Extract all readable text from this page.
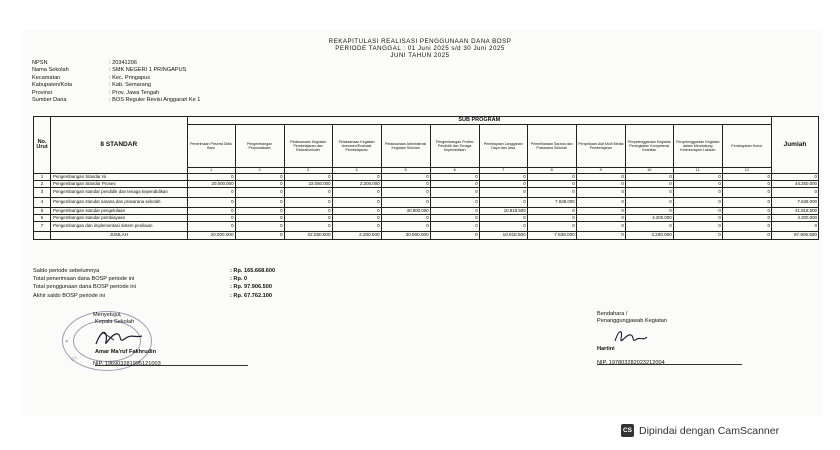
REKAPITULASI REALISASI PENGGUNAAN DANA BOSP
PERIODE TANGGAL : 01 Juni 2025 s/d 30 Juni 2025
JUNI TAHUN 2025
NPSN	: 20341206
Nama Sekolah	: SMK NEGERI 1 PRINGAPUS
Kecamatan	: Kec. Pringapus
Kabupaten/Kota	: Kab. Semarang
Provinsi	: Prov. Jawa Tengah
Sumber Dana	: BOS Reguler Revisi Anggaran Ke 1
No. Urut	8 STANDAR	SUB PROGRAM												Jumlah
		Penerimaan Peserta Didik Baru	Pengembangan Perpustakaan	Pelaksanaan Kegiatan Pembelajaran dan Ekstrakurikuler	Pelaksanaan Kegiatan Asesmen/Evaluasi Pembelajaran	Pelaksanaan Administrasi Kegiatan Sekolah	Pengembangan Profesi Pendidik dan Tenaga Kependidikan	Pembiayaan Langganan Daya dan Jasa	Pemeliharaan Sarana dan Prasarana Sekolah	Penyediaan Alat Multi Media Pembelajaran	Penyelenggaraan Kegiatan Peningkatan Kompetensi Keahlian	Penyelenggaraan Kegiatan dalam Mendukung Keterserapan Lulusan	Pembayaran Honor	
		1	2	3	4	5	6	7	8	9	10	11	12	
1	Pengembangan Standar Isi	0	0	0	0	0	0	0	0	0	0	0	0	0
2	Pengembangan Standar Proses	20.000.000	0	22.050.000	2.200.000	0	0	0	0	0	0	0	0	44.250.000
3	Pengembangan standar pendidik dan tenaga kependidikan	0	0	0	0	0	0	0	0	0	0	0	0	0
4	Pengembangan standar sarana dan prasarana sekolah	0	0	0	0	0	0	0	7.638.000	0	0	0	0	7.638.000
5	Pengembangan standar pengelolaan	0	0	0	0	30.900.000	0	10.918.500	0	0	0	0	0	41.818.500
6	Pengembangan standar pembiayaan	0	0	0	0	0	0	0	0	0	4.200.000	0	0	4.200.000
7	Pengembangan dan implementasi sistem penilaian	0	0	0	0	0	0	0	0	0	0	0	0	0
	JUMLAH	20.000.000	0	22.050.000	2.200.000	30.900.000	0	10.918.500	7.638.000	0	4.200.000	0	0	97.906.500
Saldo periode sebelumnya	: Rp. 165.668.600
Total penerimaan dana BOSP periode ini	: Rp. 0
Total penggunaan dana BOSP periode ini	: Rp. 97.906.500
Akhir saldo BOSP periode ini	: Rp. 67.762.100
✦
DI
Menyetujui,
Kepala Sekolah
Amar Ma'ruf Fakhrudin
NIP. 196903281995121003
Bendahara /
Penanggungjawab Kegiatan
Hartini
NIP. 197803282023212004
CS Dipindai dengan CamScanner
